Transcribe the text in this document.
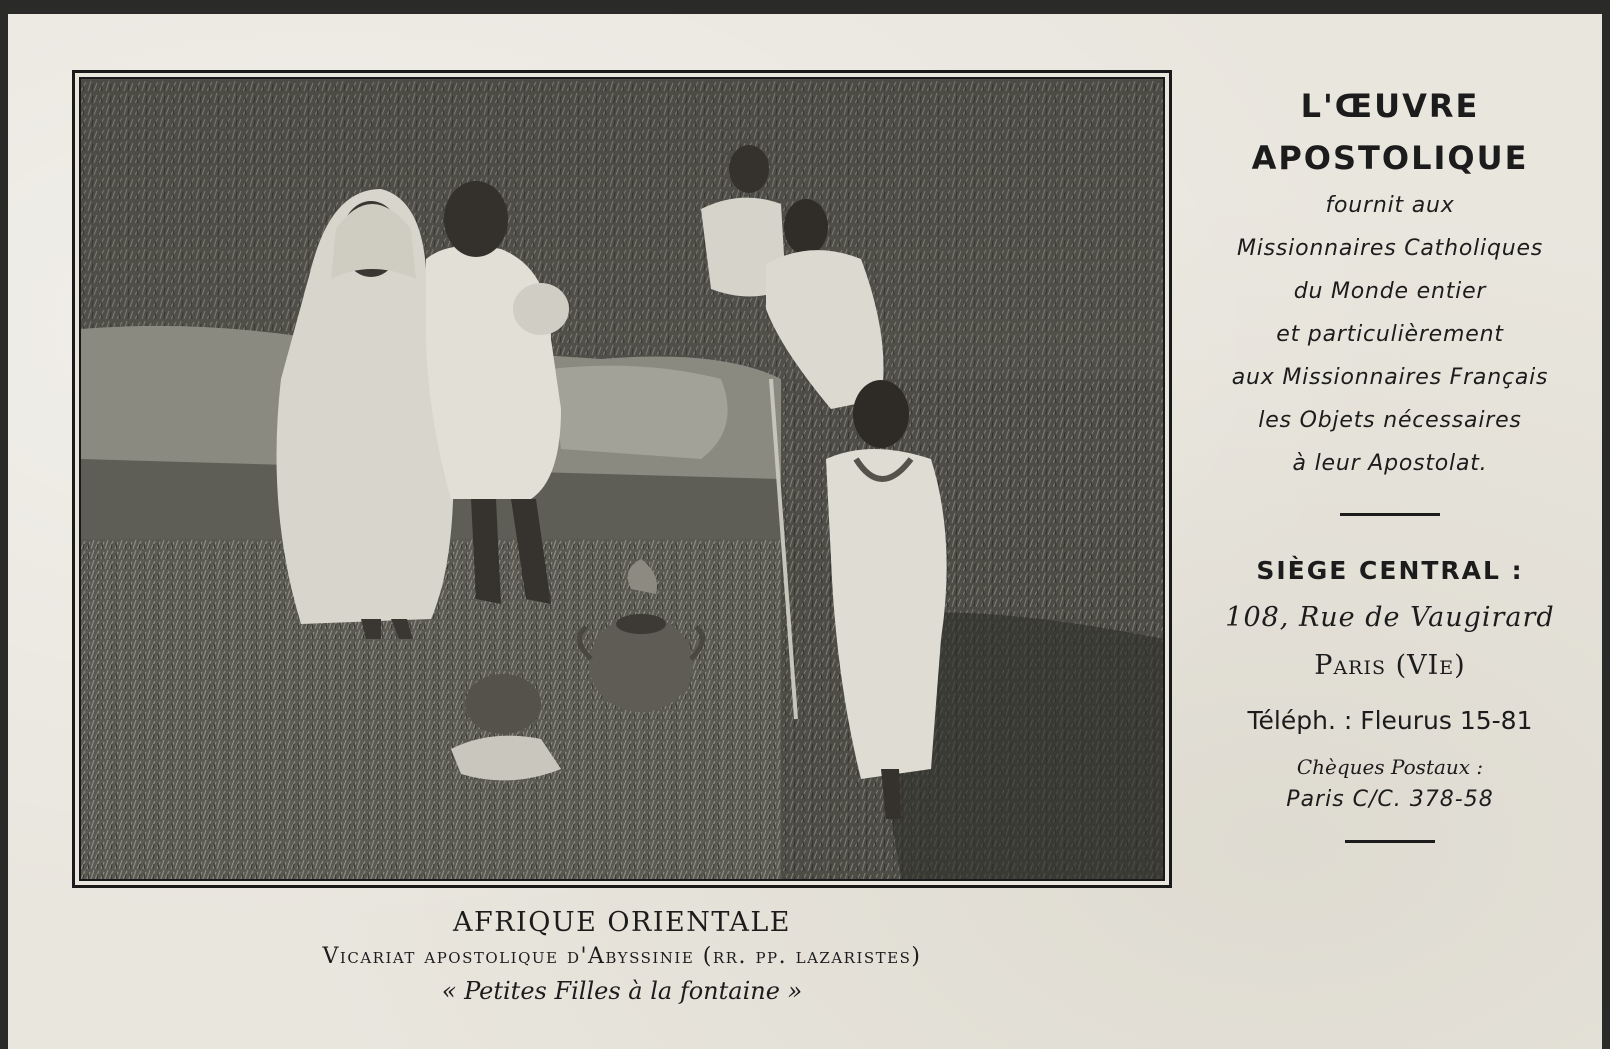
AFRIQUE ORIENTALE
Vicariat apostolique d'Abyssinie (rr. pp. lazaristes)
« Petites Filles à la fontaine »
L'ŒUVRE
APOSTOLIQUE
fournit aux
Missionnaires Catholiques
du Monde entier
et particulièrement
aux Missionnaires Français
les Objets nécessaires
à leur Apostolat.
SIÈGE CENTRAL :
108, Rue de Vaugirard
Paris (VIe)
Téléph. : Fleurus 15-81
Chèques Postaux :
Paris C/C. 378-58
